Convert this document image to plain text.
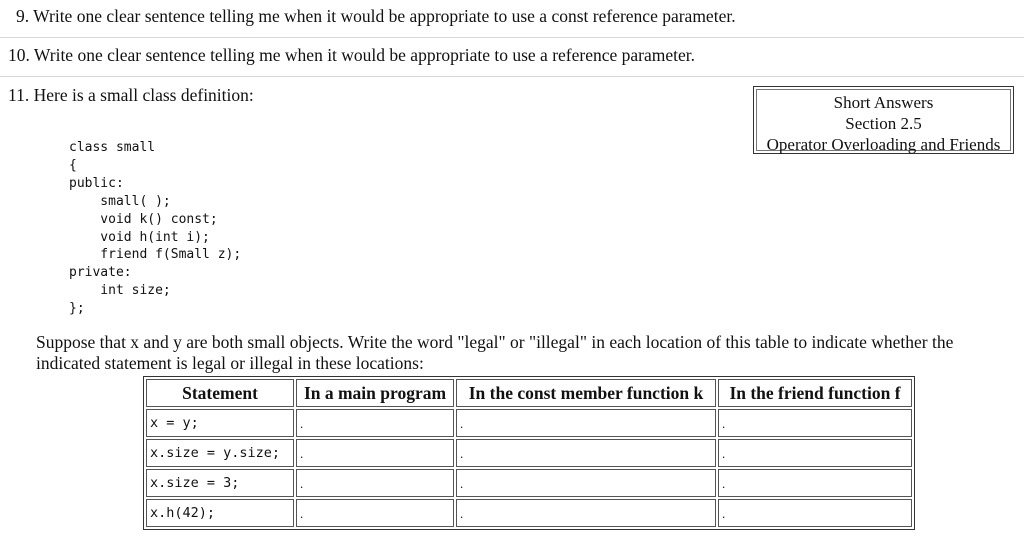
9. Write one clear sentence telling me when it would be appropriate to use a const reference parameter.
10. Write one clear sentence telling me when it would be appropriate to use a reference parameter.
11. Here is a small class definition:	Short Answers
Section 2.5
Operator Overloading and Friends
class small
{
public:
small( );
void k() const;
void h(int i);
friend f(Small z);
private:
int size;
};
Suppose that x and y are both small objects. Write the word "legal" or "illegal" in each location of this table to indicate whether the indicated statement is legal or illegal in these locations:
Statement	In a main program	In the const member function k	In the friend function f
x = y;	.	.	.
x.size = y.size;	.	.	.
x.size = 3;	.	.	.
x.h(42);	.	.	.
